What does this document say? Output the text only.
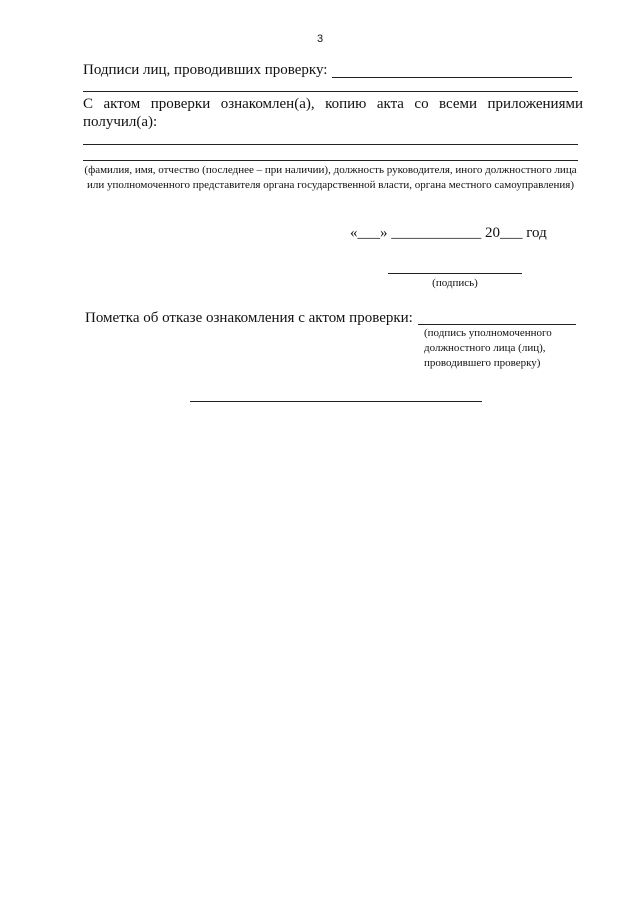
3
Подписи лиц, проводивших проверку:
С актом проверки ознакомлен(а), копию акта со всеми приложениями получил(а):
(фамилия, имя, отчество (последнее – при наличии), должность руководителя, иного должностного лица или уполномоченного представителя органа государственной власти, органа местного самоуправления)
«___» ____________ 20___ год
(подпись)
Пометка об отказе ознакомления с актом проверки:
(подпись уполномоченного должностного лица (лиц), проводившего проверку)
